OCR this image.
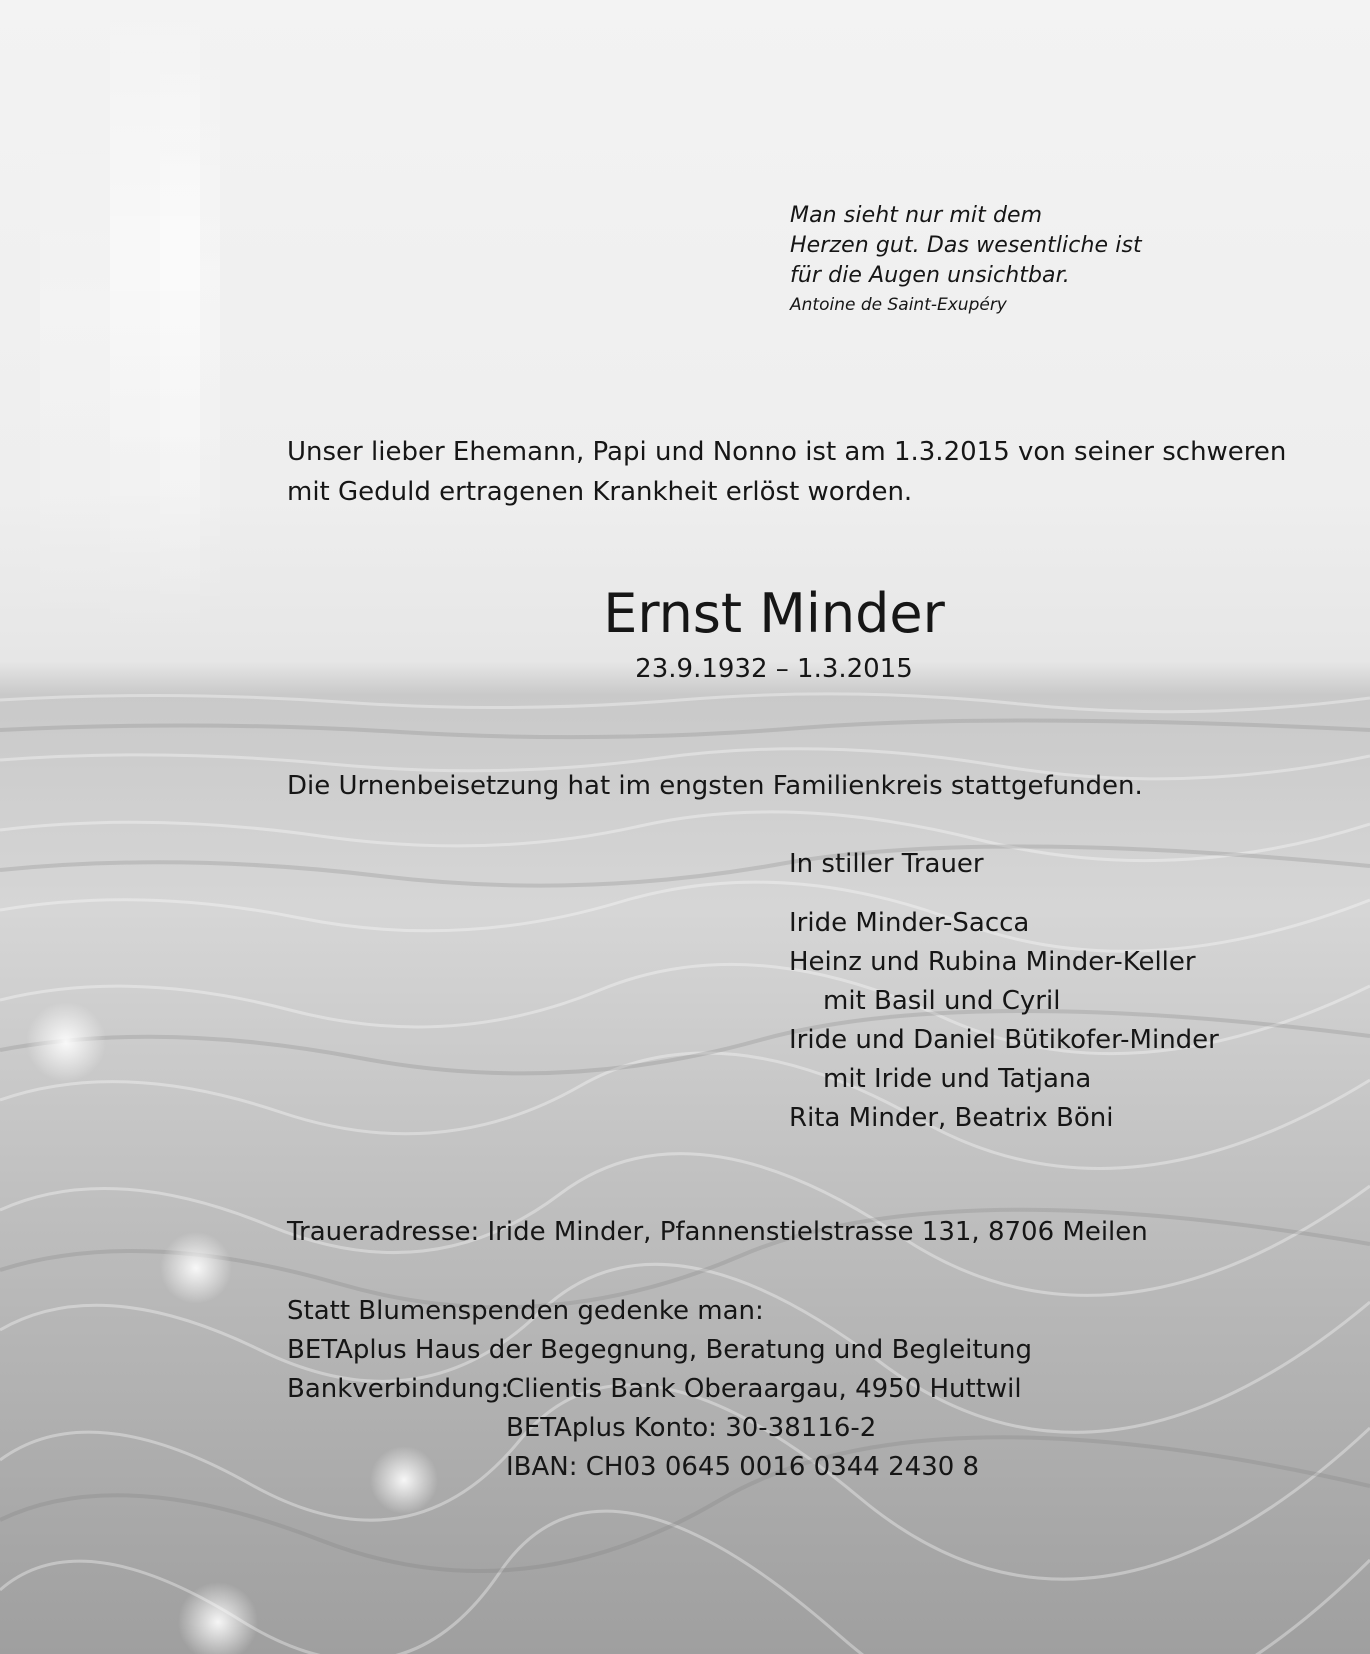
Man sieht nur mit dem
Herzen gut. Das wesentliche ist
für die Augen unsichtbar.
Antoine de Saint-Exupéry
Unser lieber Ehemann, Papi und Nonno ist am 1.3.2015 von seiner schweren
mit Geduld ertragenen Krankheit erlöst worden.
Ernst Minder
23.9.1932 – 1.3.2015
Die Urnenbeisetzung hat im engsten Familienkreis stattgefunden.
In stiller Trauer
Iride Minder-Sacca
Heinz und Rubina Minder-Keller
mit Basil und Cyril
Iride und Daniel Bütikofer-Minder
mit Iride und Tatjana
Rita Minder, Beatrix Böni
Traueradresse: Iride Minder, Pfannenstielstrasse 131, 8706 Meilen
Statt Blumenspenden gedenke man:
BETAplus Haus der Begegnung, Beratung und Begleitung
Bankverbindung:
Clientis Bank Oberaargau, 4950 Huttwil
BETAplus Konto: 30-38116-2
IBAN: CH03 0645 0016 0344 2430 8
